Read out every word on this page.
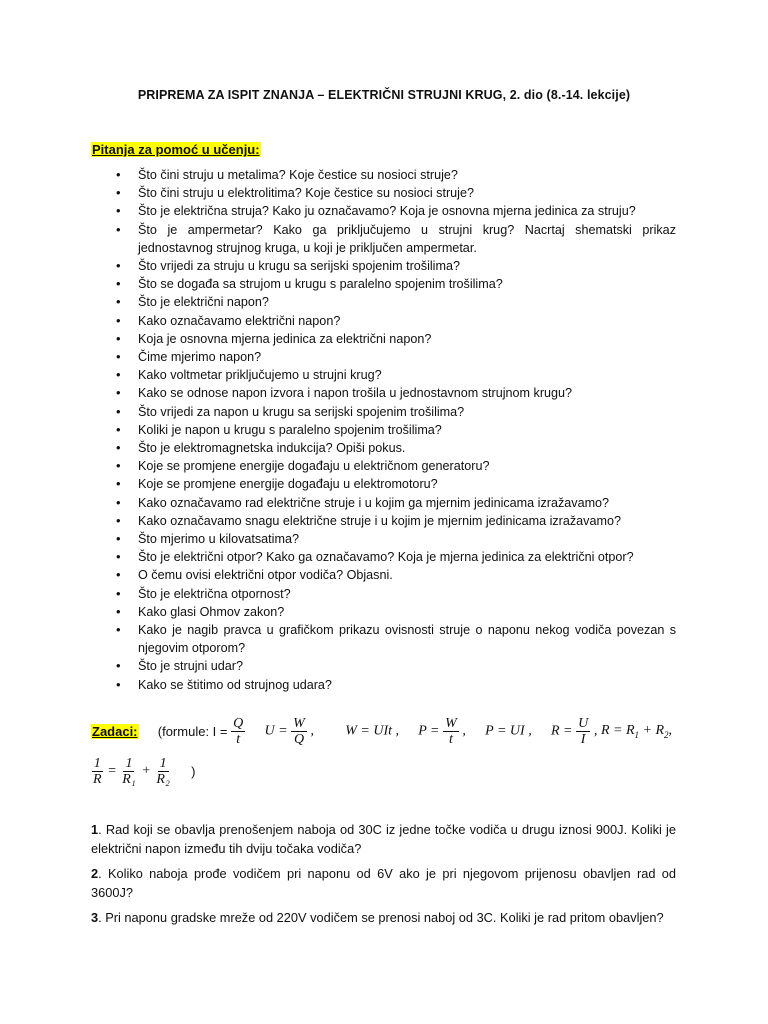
PRIPREMA ZA ISPIT ZNANJA – ELEKTRIČNI STRUJNI KRUG, 2. dio (8.-14. lekcije)
Pitanja za pomoć u učenju:
• Što čini struju u metalima? Koje čestice su nosioci struje?
• Što čini struju u elektrolitima? Koje čestice su nosioci struje?
• Što je električna struja? Kako ju označavamo? Koja je osnovna mjerna jedinica za struju?
• Što je ampermetar? Kako ga priključujemo u strujni krug? Nacrtaj shematski prikaz jednostavnog strujnog kruga, u koji je priključen ampermetar.
• Što vrijedi za struju u krugu sa serijski spojenim trošilima?
• Što se događa sa strujom u krugu s paralelno spojenim trošilima?
• Što je električni napon?
• Kako označavamo električni napon?
• Koja je osnovna mjerna jedinica za električni napon?
• Čime mjerimo napon?
• Kako voltmetar priključujemo u strujni krug?
• Kako se odnose napon izvora i napon trošila u jednostavnom strujnom krugu?
• Što vrijedi za napon u krugu sa serijski spojenim trošilima?
• Koliki je napon u krugu s paralelno spojenim trošilima?
• Što je elektromagnetska indukcija? Opiši pokus.
• Koje se promjene energije događaju u električnom generatoru?
• Koje se promjene energije događaju u elektromotoru?
• Kako označavamo rad električne struje i u kojim ga mjernim jedinicama izražavamo?
• Kako označavamo snagu električne struje i u kojim je mjernim jedinicama izražavamo?
• Što mjerimo u kilovatsatima?
• Što je električni otpor? Kako ga označavamo? Koja je mjerna jedinica za električni otpor?
• O čemu ovisi električni otpor vodiča? Objasni.
• Što je električna otpornost?
• Kako glasi Ohmov zakon?
• Kako je nagib pravca u grafičkom prikazu ovisnosti struje o naponu nekog vodiča povezan s njegovim otporom?
• Što je strujni udar?
• Kako se štitimo od strujnog udara?
Zadaci: (formule: $I = \frac{Q}{t}$ $U = \frac{W}{Q}$ , W = UIt , $P = \frac{W}{t}$ , P = UI , $R = \frac{U}{I}$ , $R = R_1 + R_2$,
$\frac{1}{R} = \frac{1}{\text{R₁}} + \frac{1}{\text{R₂}}$ )
1. Rad koji se obavlja prenošenjem naboja od 30C iz jedne točke vodiča u drugu iznosi 900J. Koliki je električni napon između tih dviju točaka vodiča?
2. Koliko naboja prođe vodičem pri naponu od 6V ako je pri njegovom prijenosu obavljen rad od 3600J?
3. Pri naponu gradske mreže od 220V vodičem se prenosi naboj od 3C. Koliki je rad pritom obavljen?
